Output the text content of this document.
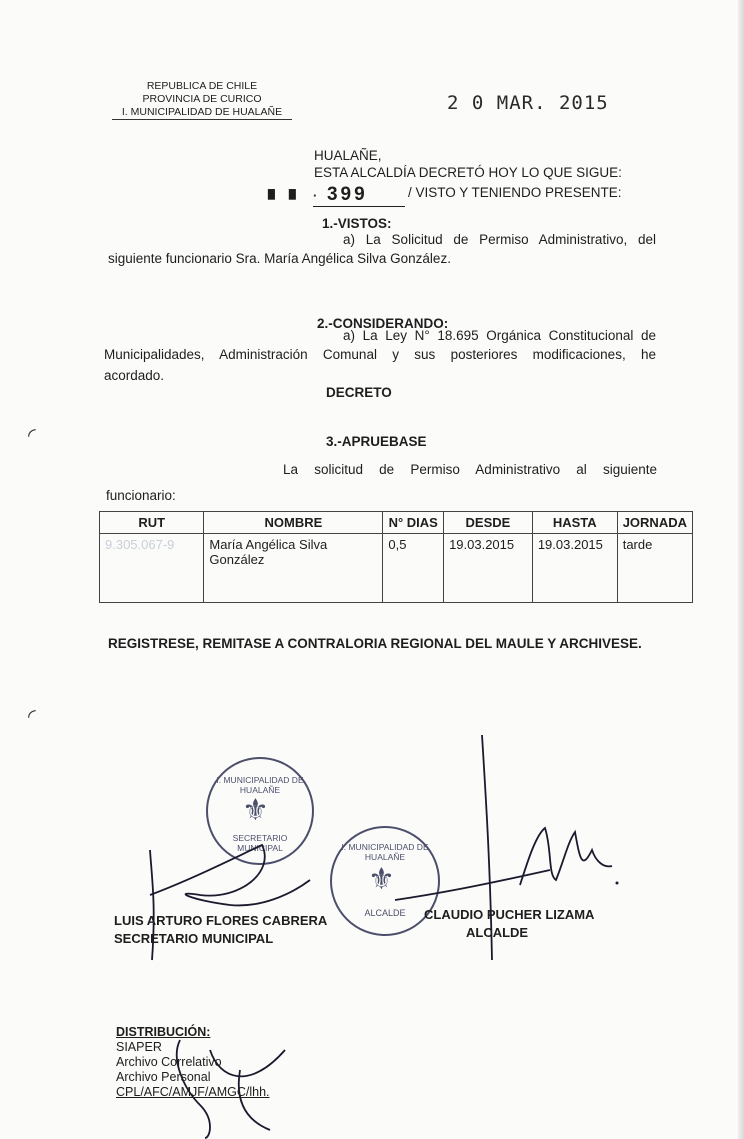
REPUBLICA DE CHILE
PROVINCIA DE CURICO
I. MUNICIPALIDAD DE HUALAÑE	2 0 MAR. 2015
HUALAÑE,
ESTA ALCALDÍA DECRETÓ HOY LO QUE SIGUE:
▘▝ · 399	/ VISTO Y TENIENDO PRESENTE:
1.-VISTOS:
a) La Solicitud de Permiso Administrativo, del
siguiente funcionario Sra. María Angélica Silva González.
2.-CONSIDERANDO:
a) La Ley N° 18.695 Orgánica Constitucional de
Municipalidades, Administración Comunal y sus posteriores modificaciones, he
acordado.
DECRETO
3.-APRUEBASE
La solicitud de Permiso Administrativo al siguiente
funcionario:
RUT	NOMBRE	N° DIAS	DESDE	HASTA	JORNADA
9.305.067-9	María Angélica Silva González	0,5	19.03.2015	19.03.2015	tarde
REGISTRESE, REMITASE A CONTRALORIA REGIONAL DEL MAULE Y ARCHIVESE.
◜
◜
I. MUNICIPALIDAD DE HUALAÑE
⚜
SECRETARIO MUNICIPAL	I. MUNICIPALIDAD DE HUALAÑE
⚜
ALCALDE
LUIS ARTURO FLORES CABRERA
SECRETARIO MUNICIPAL
CLAUDIO PUCHER LIZAMA
ALCALDE
DISTRIBUCIÓN:
SIAPER
Archivo Correlativo
Archivo Personal
CPL/AFC/AMJF/AMGC/lhh.
